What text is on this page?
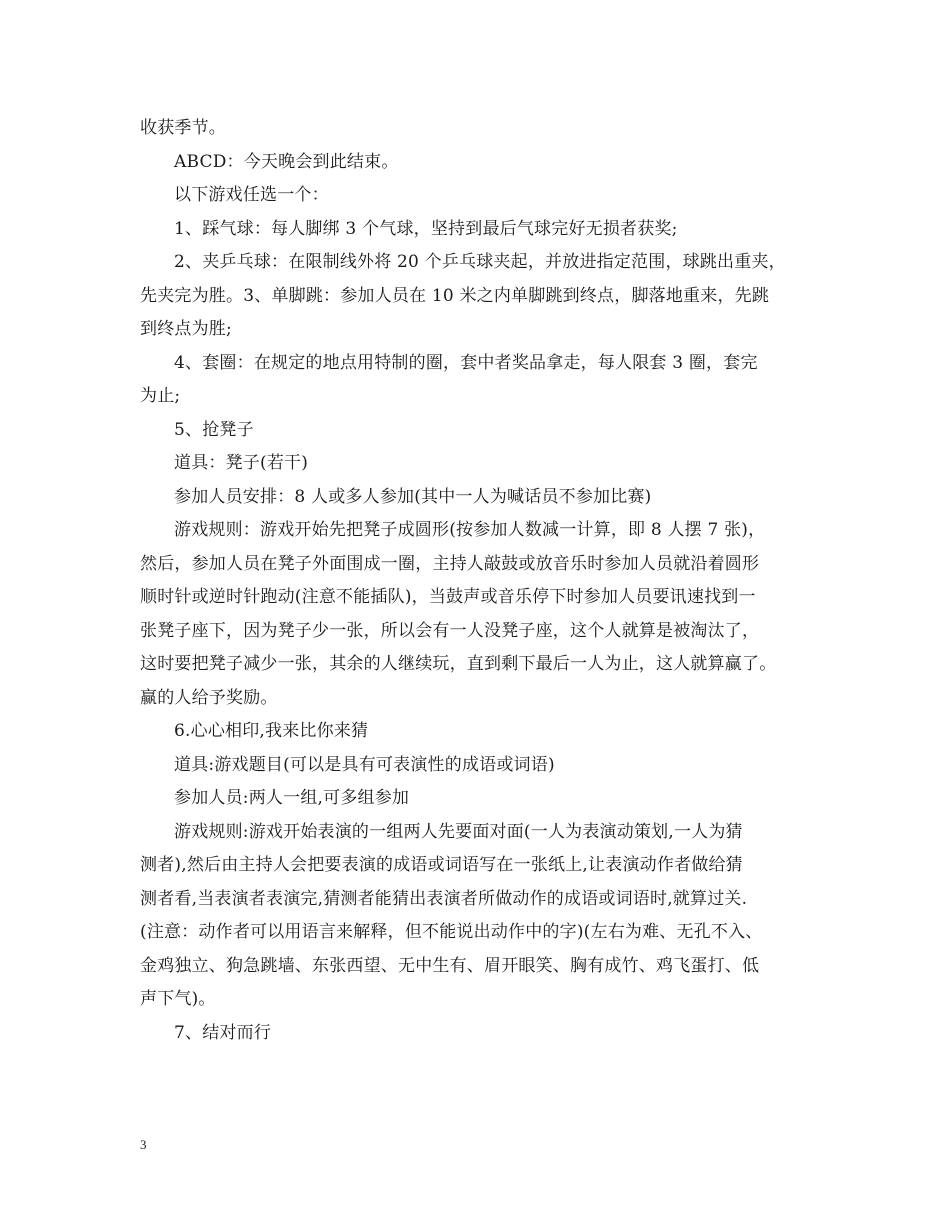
收获季节。
ABCD：今天晚会到此结束。
以下游戏任选一个：
1、踩气球：每人脚绑 3 个气球，坚持到最后气球完好无损者获奖;
2、夹乒乓球：在限制线外将 20 个乒乓球夹起，并放进指定范围，球跳出重夹，
先夹完为胜。3、单脚跳：参加人员在 10 米之内单脚跳到终点，脚落地重来，先跳
到终点为胜;
4、套圈：在规定的地点用特制的圈，套中者奖品拿走，每人限套 3 圈，套完
为止;
5、抢凳子
道具：凳子(若干)
参加人员安排：8 人或多人参加(其中一人为喊话员不参加比赛)
游戏规则：游戏开始先把凳子成圆形(按参加人数减一计算，即 8 人摆 7 张)，
然后，参加人员在凳子外面围成一圈，主持人敲鼓或放音乐时参加人员就沿着圆形
顺时针或逆时针跑动(注意不能插队)，当鼓声或音乐停下时参加人员要讯速找到一
张凳子座下，因为凳子少一张，所以会有一人没凳子座，这个人就算是被淘汰了，
这时要把凳子减少一张，其余的人继续玩，直到剩下最后一人为止，这人就算赢了。
赢的人给予奖励。
6.心心相印,我来比你来猜
道具:游戏题目(可以是具有可表演性的成语或词语)
参加人员:两人一组,可多组参加
游戏规则:游戏开始表演的一组两人先要面对面(一人为表演动策划,一人为猜
测者),然后由主持人会把要表演的成语或词语写在一张纸上,让表演动作者做给猜
测者看,当表演者表演完,猜测者能猜出表演者所做动作的成语或词语时,就算过关.
(注意：动作者可以用语言来解释，但不能说出动作中的字)(左右为难、无孔不入、
金鸡独立、狗急跳墙、东张西望、无中生有、眉开眼笑、胸有成竹、鸡飞蛋打、低
声下气)。
7、结对而行
3
